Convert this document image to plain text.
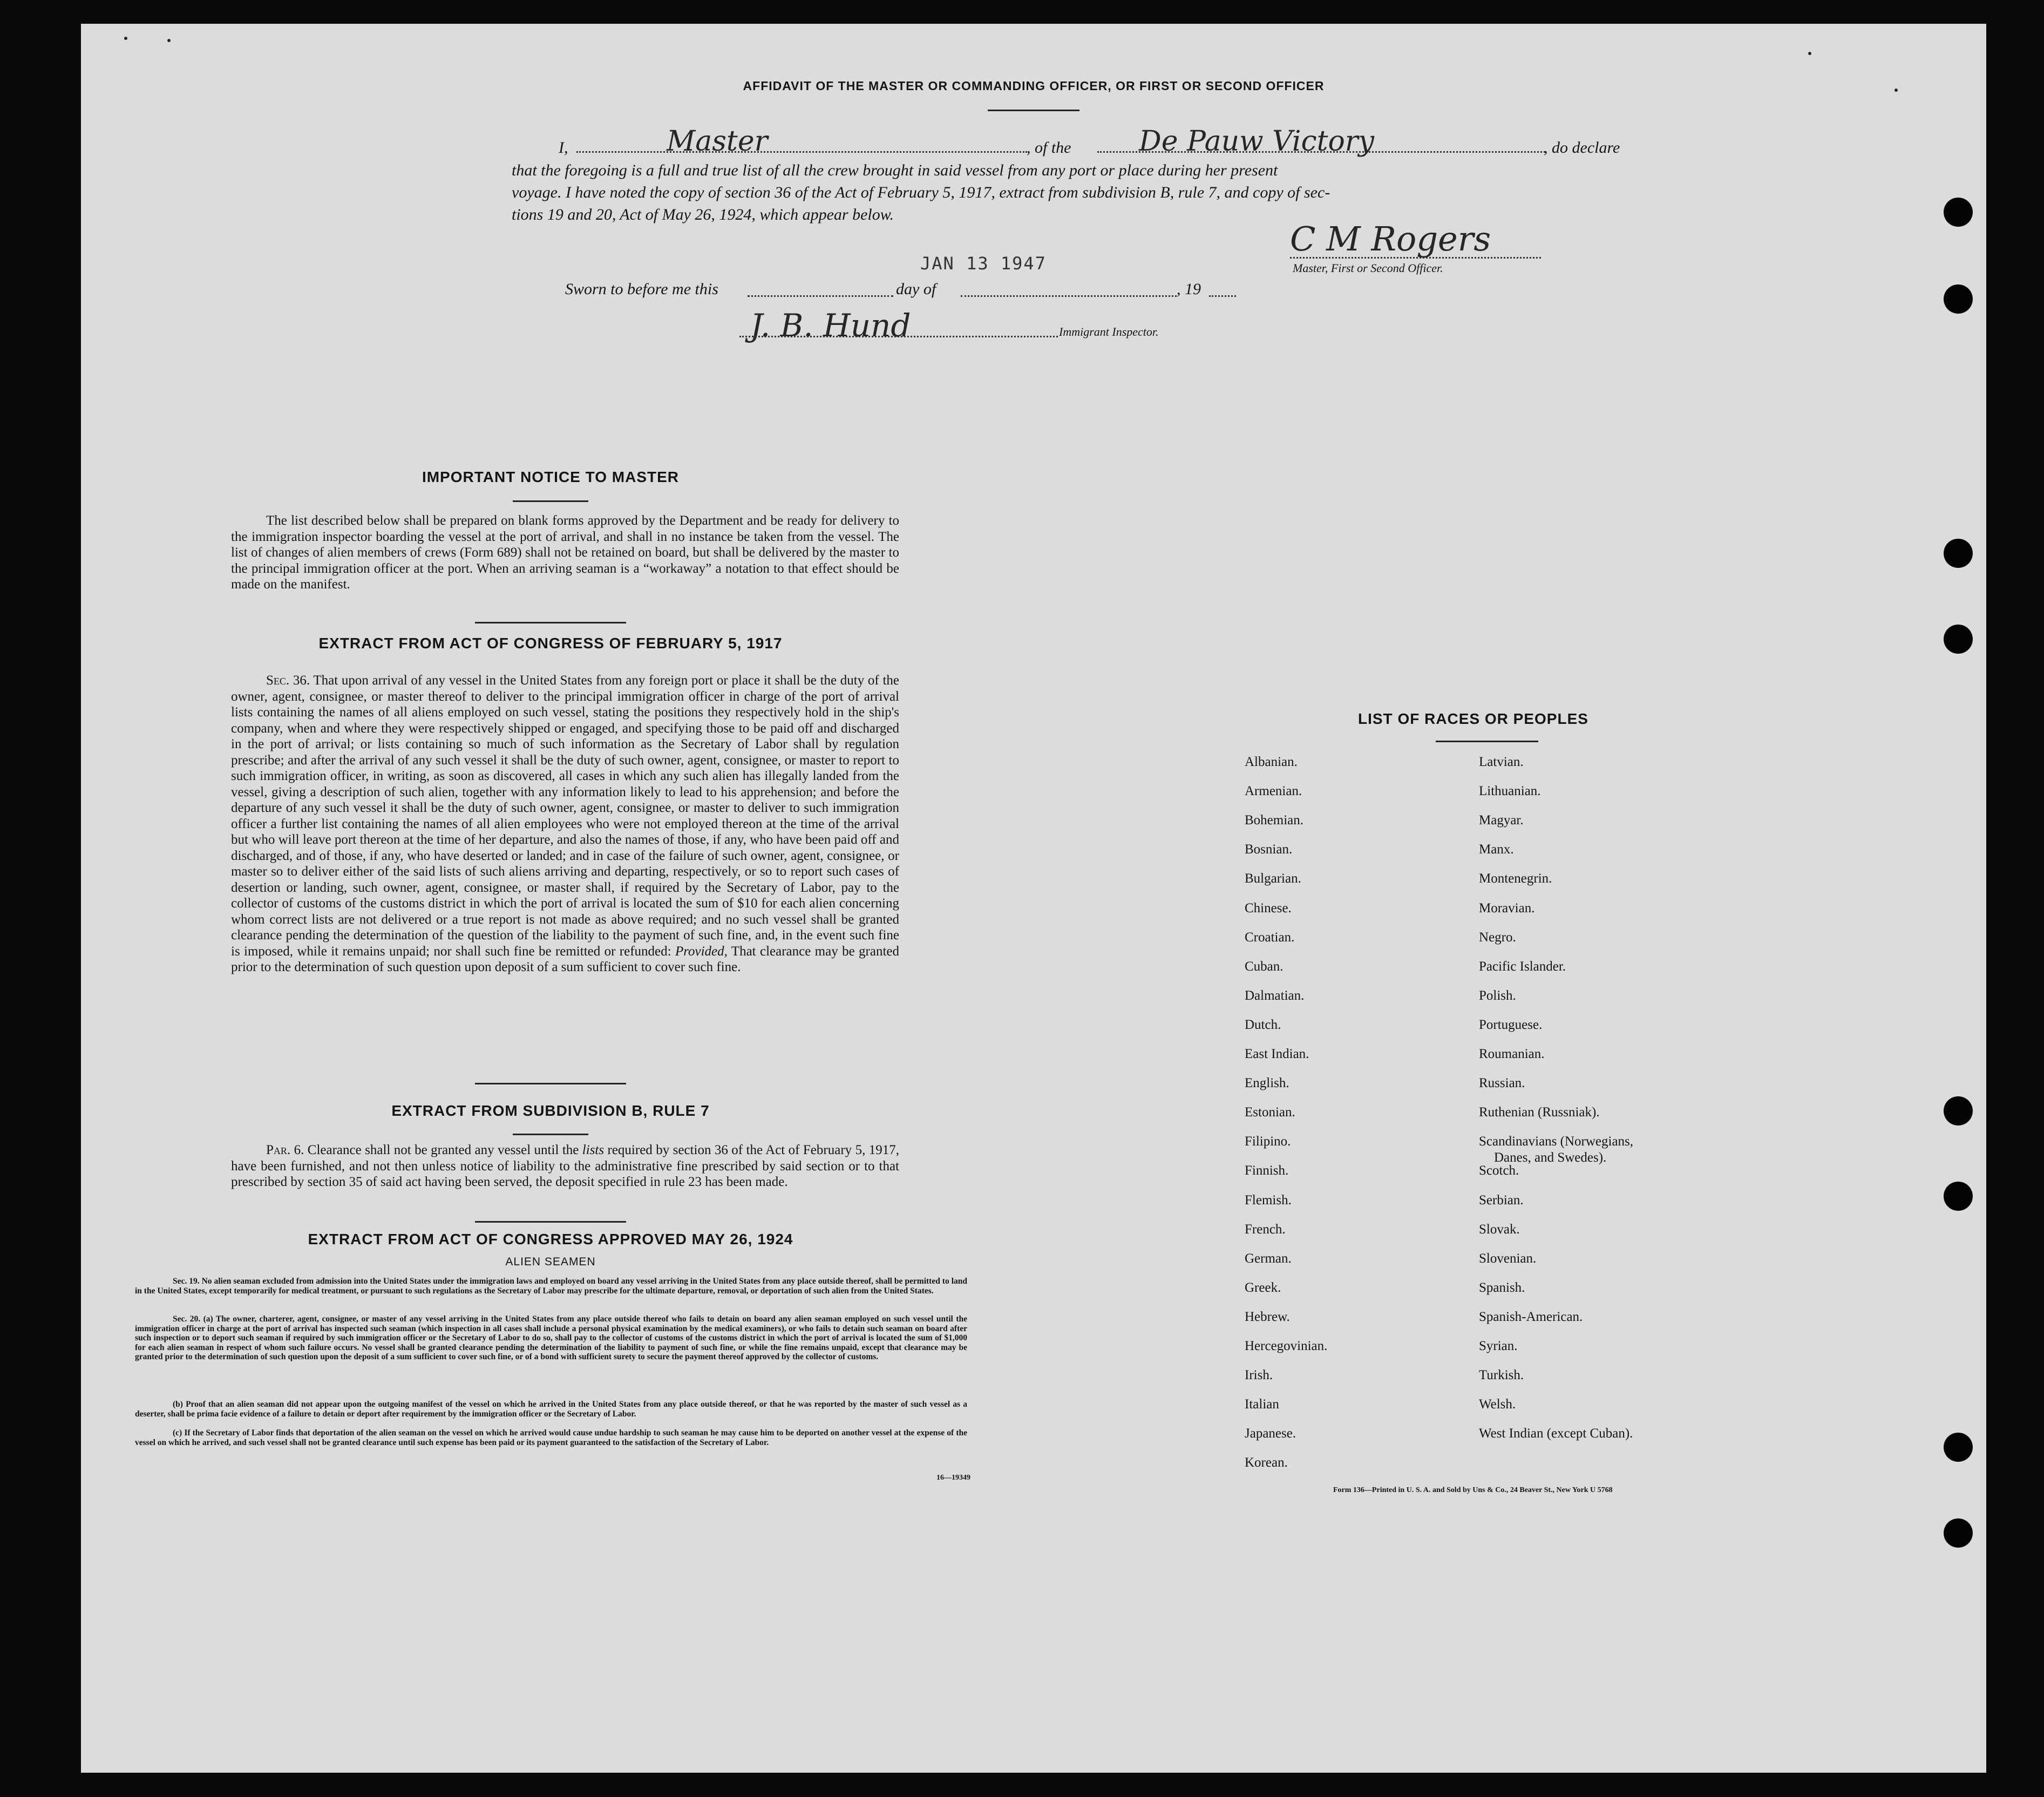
AFFIDAVIT OF THE MASTER OR COMMANDING OFFICER, OR FIRST OR SECOND OFFICER
I,	Master	, of the De Pauw Victory	, do declare
that the foregoing is a full and true list of all the crew brought in said vessel from any port or place during her present
voyage. I have noted the copy of section 36 of the Act of February 5, 1917, extract from subdivision B, rule 7, and copy of sec-
tions 19 and 20, Act of May 26, 1924, which appear below.
C M Rogers
Master, First or Second Officer.
JAN 13 1947
Sworn to before me this	day of	, 19
J. B. Hund	Immigrant Inspector.
IMPORTANT NOTICE TO MASTER
The list described below shall be prepared on blank forms approved by the Department and be ready for delivery to the immigration inspector boarding the vessel at the port of arrival, and shall in no instance be taken from the vessel. The list of changes of alien members of crews (Form 689) shall not be retained on board, but shall be delivered by the master to the principal immigration officer at the port. When an arriving seaman is a “workaway” a notation to that effect should be made on the manifest.
EXTRACT FROM ACT OF CONGRESS OF FEBRUARY 5, 1917
Sec. 36. That upon arrival of any vessel in the United States from any foreign port or place it shall be the duty of the owner, agent, consignee, or master thereof to deliver to the principal immigration officer in charge of the port of arrival lists containing the names of all aliens employed on such vessel, stating the positions they respectively hold in the ship's company, when and where they were respectively shipped or engaged, and specifying those to be paid off and discharged in the port of arrival; or lists containing so much of such information as the Secretary of Labor shall by regulation prescribe; and after the arrival of any such vessel it shall be the duty of such owner, agent, consignee, or master to report to such immigration officer, in writing, as soon as discovered, all cases in which any such alien has illegally landed from the vessel, giving a description of such alien, together with any information likely to lead to his apprehension; and before the departure of any such vessel it shall be the duty of such owner, agent, consignee, or master to deliver to such immigration officer a further list containing the names of all alien employees who were not employed thereon at the time of the arrival but who will leave port thereon at the time of her departure, and also the names of those, if any, who have been paid off and discharged, and of those, if any, who have deserted or landed; and in case of the failure of such owner, agent, consignee, or master so to deliver either of the said lists of such aliens arriving and departing, respectively, or so to report such cases of desertion or landing, such owner, agent, consignee, or master shall, if required by the Secretary of Labor, pay to the collector of customs of the customs district in which the port of arrival is located the sum of $10 for each alien concerning whom correct lists are not delivered or a true report is not made as above required; and no such vessel shall be granted clearance pending the determination of the question of the liability to the payment of such fine, and, in the event such fine is imposed, while it remains unpaid; nor shall such fine be remitted or refunded: Provided, That clearance may be granted prior to the determination of such question upon deposit of a sum sufficient to cover such fine.
EXTRACT FROM SUBDIVISION B, RULE 7
Par. 6. Clearance shall not be granted any vessel until the lists required by section 36 of the Act of February 5, 1917, have been furnished, and not then unless notice of liability to the administrative fine prescribed by said section or to that prescribed by section 35 of said act having been served, the deposit specified in rule 23 has been made.
EXTRACT FROM ACT OF CONGRESS APPROVED MAY 26, 1924
ALIEN SEAMEN
Sec. 19. No alien seaman excluded from admission into the United States under the immigration laws and employed on board any vessel arriving in the United States from any place outside thereof, shall be permitted to land in the United States, except temporarily for medical treatment, or pursuant to such regulations as the Secretary of Labor may prescribe for the ultimate departure, removal, or deportation of such alien from the United States.
Sec. 20. (a) The owner, charterer, agent, consignee, or master of any vessel arriving in the United States from any place outside thereof who fails to detain on board any alien seaman employed on such vessel until the immigration officer in charge at the port of arrival has inspected such seaman (which inspection in all cases shall include a personal physical examination by the medical examiners), or who fails to detain such seaman on board after such inspection or to deport such seaman if required by such immigration officer or the Secretary of Labor to do so, shall pay to the collector of customs of the customs district in which the port of arrival is located the sum of $1,000 for each alien seaman in respect of whom such failure occurs. No vessel shall be granted clearance pending the determination of the liability to payment of such fine, or while the fine remains unpaid, except that clearance may be granted prior to the determination of such question upon the deposit of a sum sufficient to cover such fine, or of a bond with sufficient surety to secure the payment thereof approved by the collector of customs.
(b) Proof that an alien seaman did not appear upon the outgoing manifest of the vessel on which he arrived in the United States from any place outside thereof, or that he was reported by the master of such vessel as a deserter, shall be prima facie evidence of a failure to detain or deport after requirement by the immigration officer or the Secretary of Labor.
(c) If the Secretary of Labor finds that deportation of the alien seaman on the vessel on which he arrived would cause undue hardship to such seaman he may cause him to be deported on another vessel at the expense of the vessel on which he arrived, and such vessel shall not be granted clearance until such expense has been paid or its payment guaranteed to the satisfaction of the Secretary of Labor.
16—19349
LIST OF RACES OR PEOPLES
Form 136—Printed in U. S. A. and Sold by Uns & Co., 24 Beaver St., New York U 5768
Albanian.
Armenian.
Bohemian.
Bosnian.
Bulgarian.
Chinese.
Croatian.
Cuban.
Dalmatian.
Dutch.
East Indian.
English.
Estonian.
Filipino.
Finnish.
Flemish.
French.
German.
Greek.
Hebrew.
Hercegovinian.
Irish.
Italian
Japanese.
Korean.
Latvian.
Lithuanian.
Magyar.
Manx.
Montenegrin.
Moravian.
Negro.
Pacific Islander.
Polish.
Portuguese.
Roumanian.
Russian.
Ruthenian (Russniak).
Scandinavians (Norwegians,
Danes, and Swedes).
Scotch.
Serbian.
Slovak.
Slovenian.
Spanish.
Spanish-American.
Syrian.
Turkish.
Welsh.
West Indian (except Cuban).
